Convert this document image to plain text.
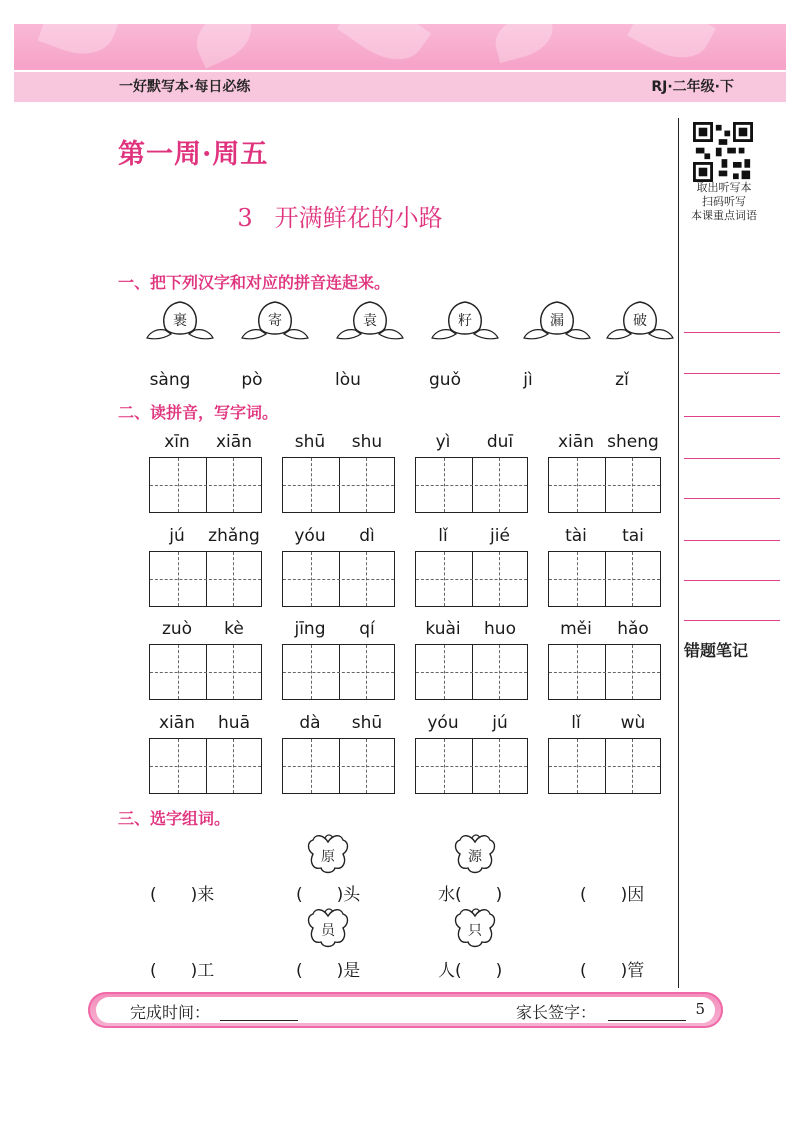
一好默写本·每日必练	RJ·二年级·下
取出听写本
扫码听写
本课重点词语
错题笔记
第一周·周五
3 开满鲜花的小路
一、把下列汉字和对应的拼音连起来。
裹	寄	袁	籽	漏	破
sàng	pò	lòu	guǒ	jì	zǐ
二、读拼音，写字词。
xīn	xiān	shū	shu	yì	duī	xiān sheng
jú	zhǎng	yóu	dì	lǐ	jié	tài	tai
zuò	kè	jīng	qí	kuài	huo	měi	hǎo
xiān	huā	dà	shū	yóu	jú	lǐ	wù
三、选字组词。
原	源
(　　)来	(　　)头	水(　　)	(　　)因
员	只
(　　)工	(　　)是	人(　　)	(　　)管
完成时间：	家长签字：	5
